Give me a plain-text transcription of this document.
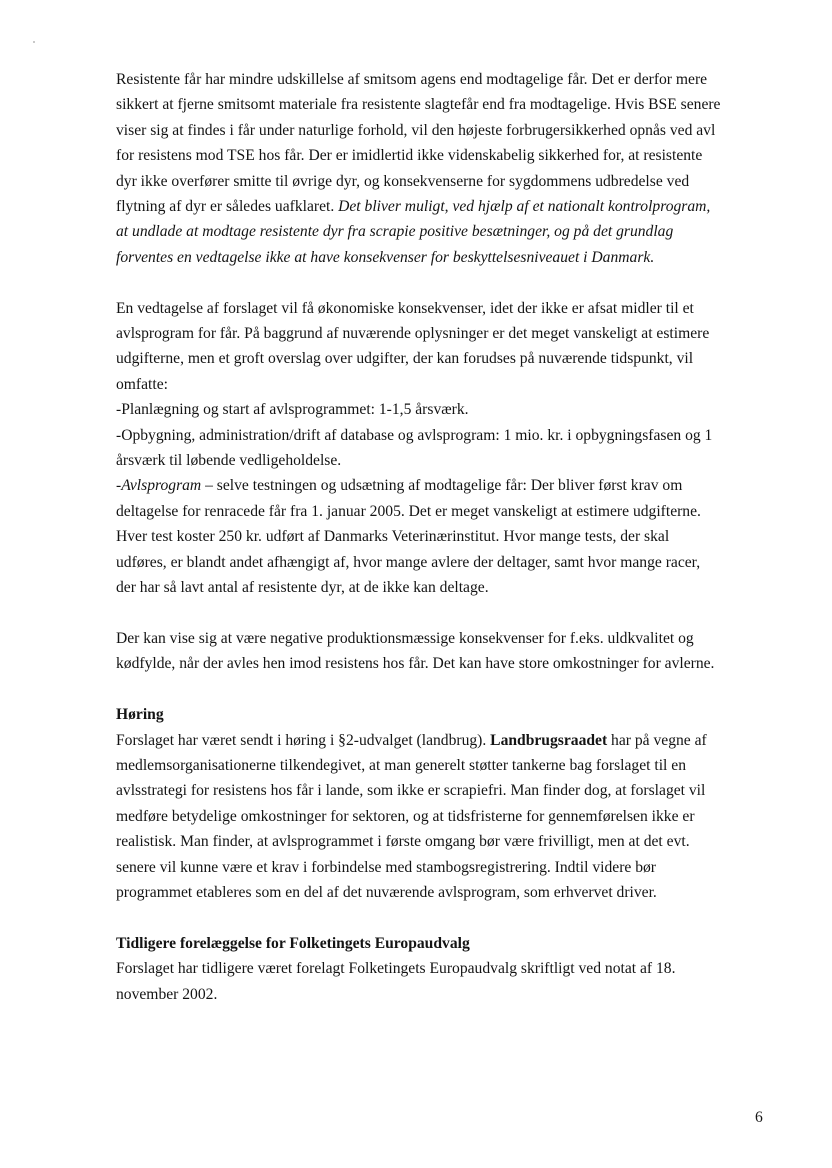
Resistente får har mindre udskillelse af smitsom agens end modtagelige får. Det er derfor mere
sikkert at fjerne smitsomt materiale fra resistente slagtefår end fra modtagelige. Hvis BSE senere
viser sig at findes i får under naturlige forhold, vil den højeste forbrugersikkerhed opnås ved avl
for resistens mod TSE hos får. Der er imidlertid ikke videnskabelig sikkerhed for, at resistente
dyr ikke overfører smitte til øvrige dyr, og konsekvenserne for sygdommens udbredelse ved
flytning af dyr er således uafklaret. Det bliver muligt, ved hjælp af et nationalt kontrolprogram,
at undlade at modtage resistente dyr fra scrapie positive besætninger, og på det grundlag
forventes en vedtagelse ikke at have konsekvenser for beskyttelsesniveauet i Danmark.
En vedtagelse af forslaget vil få økonomiske konsekvenser, idet der ikke er afsat midler til et
avlsprogram for får. På baggrund af nuværende oplysninger er det meget vanskeligt at estimere
udgifterne, men et groft overslag over udgifter, der kan forudses på nuværende tidspunkt, vil
omfatte:
-Planlægning og start af avlsprogrammet: 1-1,5 årsværk.
-Opbygning, administration/drift af database og avlsprogram: 1 mio. kr. i opbygningsfasen og 1
årsværk til løbende vedligeholdelse.
-Avlsprogram – selve testningen og udsætning af modtagelige får: Der bliver først krav om
deltagelse for renracede får fra 1. januar 2005. Det er meget vanskeligt at estimere udgifterne.
Hver test koster 250 kr. udført af Danmarks Veterinærinstitut. Hvor mange tests, der skal
udføres, er blandt andet afhængigt af, hvor mange avlere der deltager, samt hvor mange racer,
der har så lavt antal af resistente dyr, at de ikke kan deltage.
Der kan vise sig at være negative produktionsmæssige konsekvenser for f.eks. uldkvalitet og
kødfylde, når der avles hen imod resistens hos får. Det kan have store omkostninger for avlerne.
Høring
Forslaget har været sendt i høring i §2-udvalget (landbrug). Landbrugsraadet har på vegne af
medlemsorganisationerne tilkendegivet, at man generelt støtter tankerne bag forslaget til en
avlsstrategi for resistens hos får i lande, som ikke er scrapiefri. Man finder dog, at forslaget vil
medføre betydelige omkostninger for sektoren, og at tidsfristerne for gennemførelsen ikke er
realistisk. Man finder, at avlsprogrammet i første omgang bør være frivilligt, men at det evt.
senere vil kunne være et krav i forbindelse med stambogsregistrering. Indtil videre bør
programmet etableres som en del af det nuværende avlsprogram, som erhvervet driver.
Tidligere forelæggelse for Folketingets Europaudvalg
Forslaget har tidligere været forelagt Folketingets Europaudvalg skriftligt ved notat af 18.
november 2002.
6
